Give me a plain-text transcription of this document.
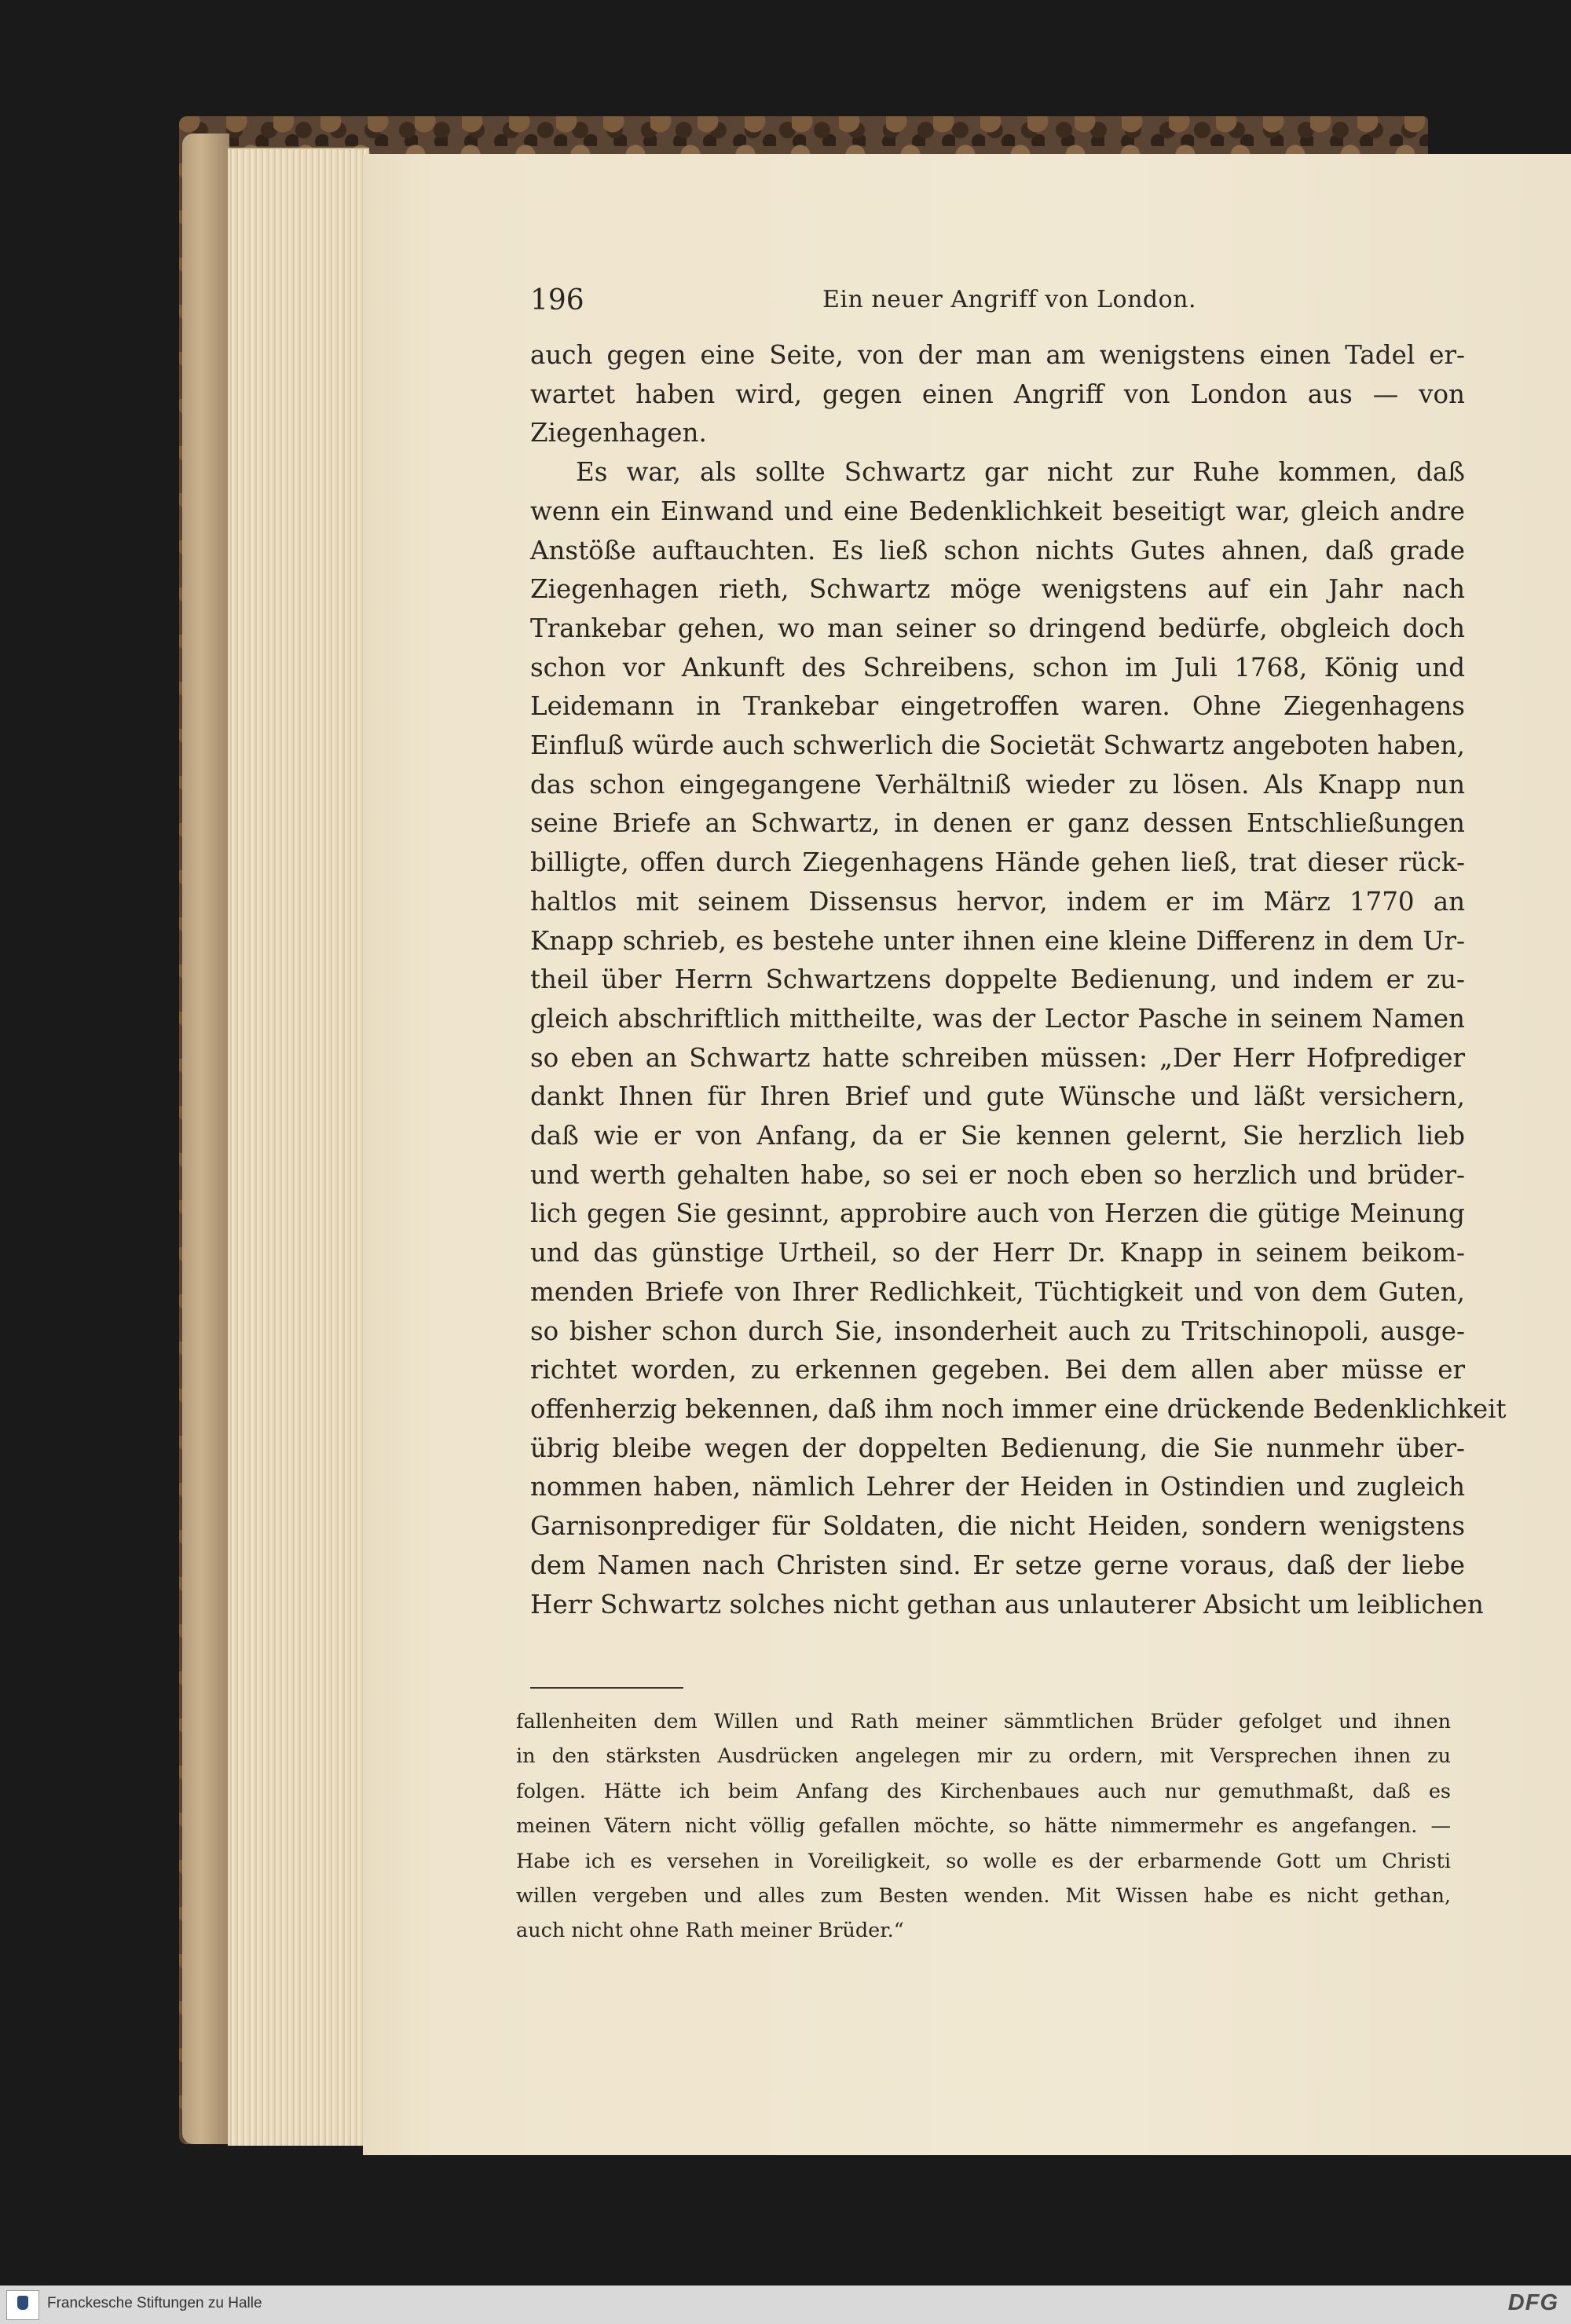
196	Ein neuer Angriff von London.
auch gegen eine Seite, von der man am wenigstens einen Tadel er-
wartet haben wird, gegen einen Angriff von London aus — von
Ziegenhagen.
Es war, als sollte Schwartz gar nicht zur Ruhe kommen, daß
wenn ein Einwand und eine Bedenklichkeit beseitigt war, gleich andre
Anstöße auftauchten. Es ließ schon nichts Gutes ahnen, daß grade
Ziegenhagen rieth, Schwartz möge wenigstens auf ein Jahr nach
Trankebar gehen, wo man seiner so dringend bedürfe, obgleich doch
schon vor Ankunft des Schreibens, schon im Juli 1768, König und
Leidemann in Trankebar eingetroffen waren. Ohne Ziegenhagens
Einfluß würde auch schwerlich die Societät Schwartz angeboten haben,
das schon eingegangene Verhältniß wieder zu lösen. Als Knapp nun
seine Briefe an Schwartz, in denen er ganz dessen Entschließungen
billigte, offen durch Ziegenhagens Hände gehen ließ, trat dieser rück-
haltlos mit seinem Dissensus hervor, indem er im März 1770 an
Knapp schrieb, es bestehe unter ihnen eine kleine Differenz in dem Ur-
theil über Herrn Schwartzens doppelte Bedienung, und indem er zu-
gleich abschriftlich mittheilte, was der Lector Pasche in seinem Namen
so eben an Schwartz hatte schreiben müssen: „Der Herr Hofprediger
dankt Ihnen für Ihren Brief und gute Wünsche und läßt versichern,
daß wie er von Anfang, da er Sie kennen gelernt, Sie herzlich lieb
und werth gehalten habe, so sei er noch eben so herzlich und brüder-
lich gegen Sie gesinnt, approbire auch von Herzen die gütige Meinung
und das günstige Urtheil, so der Herr Dr. Knapp in seinem beikom-
menden Briefe von Ihrer Redlichkeit, Tüchtigkeit und von dem Guten,
so bisher schon durch Sie, insonderheit auch zu Tritschinopoli, ausge-
richtet worden, zu erkennen gegeben. Bei dem allen aber müsse er
offenherzig bekennen, daß ihm noch immer eine drückende Bedenklichkeit
übrig bleibe wegen der doppelten Bedienung, die Sie nunmehr über-
nommen haben, nämlich Lehrer der Heiden in Ostindien und zugleich
Garnisonprediger für Soldaten, die nicht Heiden, sondern wenigstens
dem Namen nach Christen sind. Er setze gerne voraus, daß der liebe
Herr Schwartz solches nicht gethan aus unlauterer Absicht um leiblichen
fallenheiten dem Willen und Rath meiner sämmtlichen Brüder gefolget und ihnen
in den stärksten Ausdrücken angelegen mir zu ordern, mit Versprechen ihnen zu
folgen. Hätte ich beim Anfang des Kirchenbaues auch nur gemuthmaßt, daß es
meinen Vätern nicht völlig gefallen möchte, so hätte nimmermehr es angefangen. —
Habe ich es versehen in Voreiligkeit, so wolle es der erbarmende Gott um Christi
willen vergeben und alles zum Besten wenden. Mit Wissen habe es nicht gethan,
auch nicht ohne Rath meiner Brüder.“
Franckesche Stiftungen zu Halle	DFG
